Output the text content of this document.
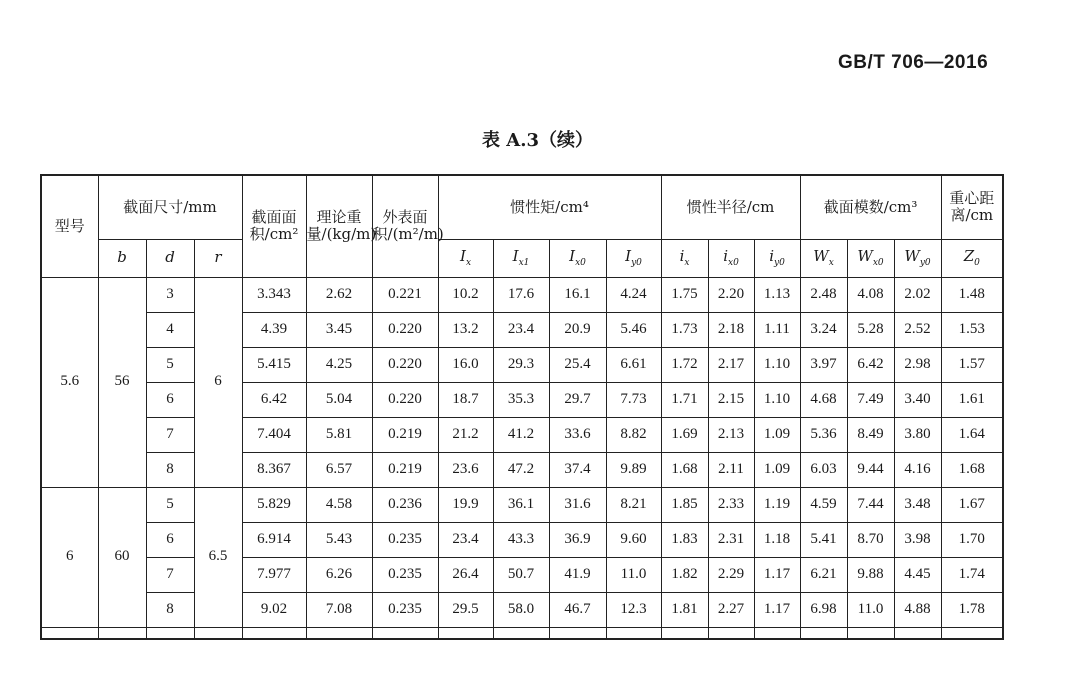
GB/T 706—2016
表 A.3（续）
型号	截面尺寸/mm			截面面积/cm²	理论重量/(kg/m)	外表面积/(m²/m)	惯性矩/cm⁴				惯性半径/cm			截面模数/cm³			重心距离/cm
	b	d	r				$I_x$	$I_{x1}$	$I_{x0}$	$I_{y0}$	$i_x$	$i_{x0}$	$i_{y0}$	$W_x$	$W_{x0}$	$W_{y0}$	$Z_0$
5.6	56	3	6	3.343	2.62	0.221	10.2	17.6	16.1	4.24	1.75	2.20	1.13	2.48	4.08	2.02	1.48
		4		4.39	3.45	0.220	13.2	23.4	20.9	5.46	1.73	2.18	1.11	3.24	5.28	2.52	1.53
		5		5.415	4.25	0.220	16.0	29.3	25.4	6.61	1.72	2.17	1.10	3.97	6.42	2.98	1.57
		6		6.42	5.04	0.220	18.7	35.3	29.7	7.73	1.71	2.15	1.10	4.68	7.49	3.40	1.61
		7		7.404	5.81	0.219	21.2	41.2	33.6	8.82	1.69	2.13	1.09	5.36	8.49	3.80	1.64
		8		8.367	6.57	0.219	23.6	47.2	37.4	9.89	1.68	2.11	1.09	6.03	9.44	4.16	1.68
6	60	5	6.5	5.829	4.58	0.236	19.9	36.1	31.6	8.21	1.85	2.33	1.19	4.59	7.44	3.48	1.67
		6		6.914	5.43	0.235	23.4	43.3	36.9	9.60	1.83	2.31	1.18	5.41	8.70	3.98	1.70
		7		7.977	6.26	0.235	26.4	50.7	41.9	11.0	1.82	2.29	1.17	6.21	9.88	4.45	1.74
		8		9.02	7.08	0.235	29.5	58.0	46.7	12.3	1.81	2.27	1.17	6.98	11.0	4.88	1.78
